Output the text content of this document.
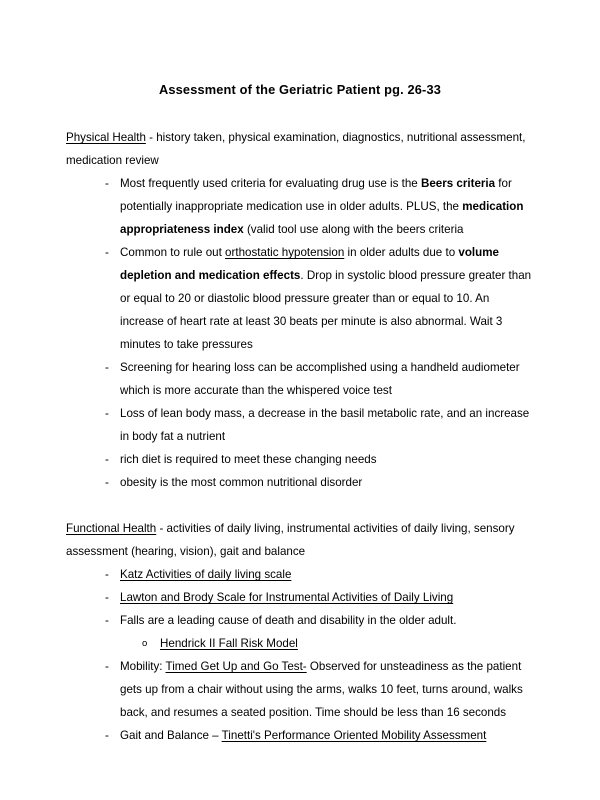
Assessment of the Geriatric Patient pg. 26-33

Physical Health - history taken, physical examination, diagnostics, nutritional assessment, medication review

- Most frequently used criteria for evaluating drug use is the Beers criteria for potentially inappropriate medication use in older adults. PLUS, the medication appropriateness index (valid tool use along with the beers criteria
- Common to rule out orthostatic hypotension in older adults due to volume depletion and medication effects. Drop in systolic blood pressure greater than or equal to 20 or diastolic blood pressure greater than or equal to 10. An increase of heart rate at least 30 beats per minute is also abnormal. Wait 3 minutes to take pressures
- Screening for hearing loss can be accomplished using a handheld audiometer which is more accurate than the whispered voice test
- Loss of lean body mass, a decrease in the basil metabolic rate, and an increase in body fat a nutrient
- rich diet is required to meet these changing needs
- obesity is the most common nutritional disorder

Functional Health - activities of daily living, instrumental activities of daily living, sensory assessment (hearing, vision), gait and balance

- Katz Activities of daily living scale
- Lawton and Brody Scale for Instrumental Activities of Daily Living
- Falls are a leading cause of death and disability in the older adult.
o Hendrick II Fall Risk Model
- Mobility: Timed Get Up and Go Test- Observed for unsteadiness as the patient gets up from a chair without using the arms, walks 10 feet, turns around, walks back, and resumes a seated position. Time should be less than 16 seconds
- Gait and Balance – Tinetti's Performance Oriented Mobility Assessment
